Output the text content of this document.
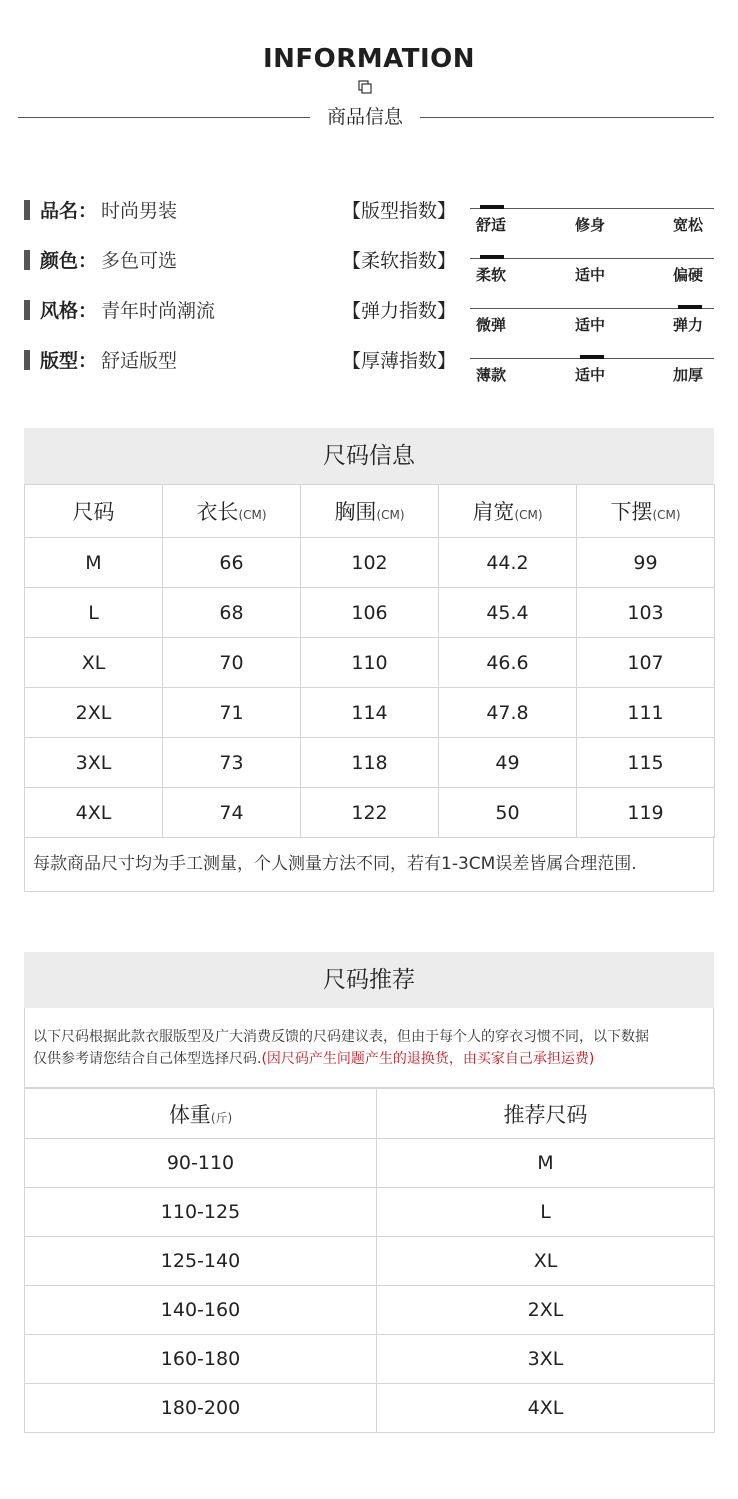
INFORMATION
商品信息
品名 ： 时尚男装
颜色 ： 多色可选
风格 ： 青年时尚潮流
版型 ： 舒适版型
【版型指数】
【柔软指数】
【弹力指数】
【厚薄指数】
舒适	修身	宽松
柔软	适中	偏硬
微弹	适中	弹力
薄款	适中	加厚
尺码信息
尺码	衣长(CM)	胸围(CM)	肩宽(CM)	下摆(CM)
M	66	102	44.2	99
L	68	106	45.4	103
XL	70	110	46.6	107
2XL	71	114	47.8	111
3XL	73	118	49	115
4XL	74	122	50	119
每款商品尺寸均为手工测量，个人测量方法不同，若有1-3CM误差皆属合理范围.
尺码推荐
以下尺码根据此款衣服版型及广大消费反馈的尺码建议表，但由于每个人的穿衣习惯不同，以下数据
仅供参考请您结合自己体型选择尺码.(因尺码产生问题产生的退换货，由买家自己承担运费)
体重(斤)	推荐尺码
90-110	M
110-125	L
125-140	XL
140-160	2XL
160-180	3XL
180-200	4XL
